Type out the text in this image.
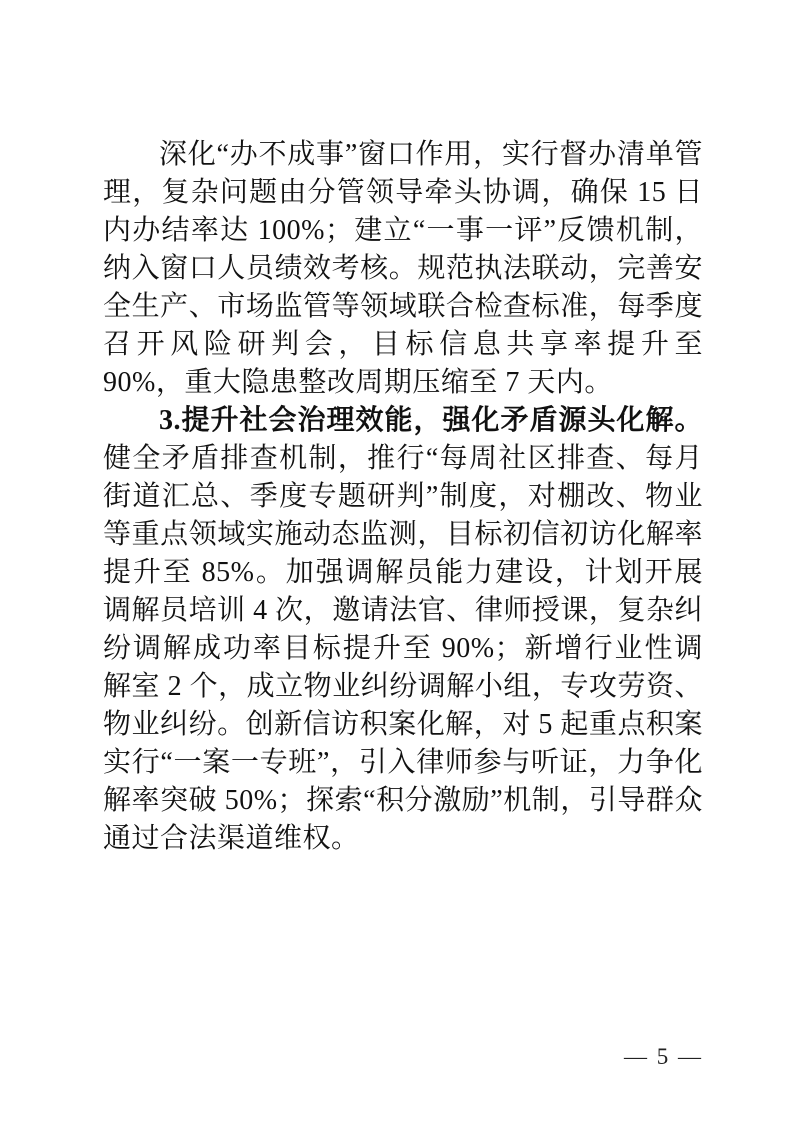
深化“办不成事”窗口作用，实行督办清单管理，复杂问题由分管领导牵头协调，确保 15 日内办结率达 100%；建立“一事一评”反馈机制，纳入窗口人员绩效考核。规范执法联动，完善安全生产、市场监管等领域联合检查标准，每季度召开风险研判会，目标信息共享率提升至 90%，重大隐患整改周期压缩至 7 天内。

3.提升社会治理效能，强化矛盾源头化解。健全矛盾排查机制，推行“每周社区排查、每月街道汇总、季度专题研判”制度，对棚改、物业等重点领域实施动态监测，目标初信初访化解率提升至 85%。加强调解员能力建设，计划开展调解员培训 4 次，邀请法官、律师授课，复杂纠纷调解成功率目标提升至 90%；新增行业性调解室 2 个，成立物业纠纷调解小组，专攻劳资、物业纠纷。创新信访积案化解，对 5 起重点积案实行“一案一专班”，引入律师参与听证，力争化解率突破 50%；探索“积分激励”机制，引导群众通过合法渠道维权。

— 5 —
